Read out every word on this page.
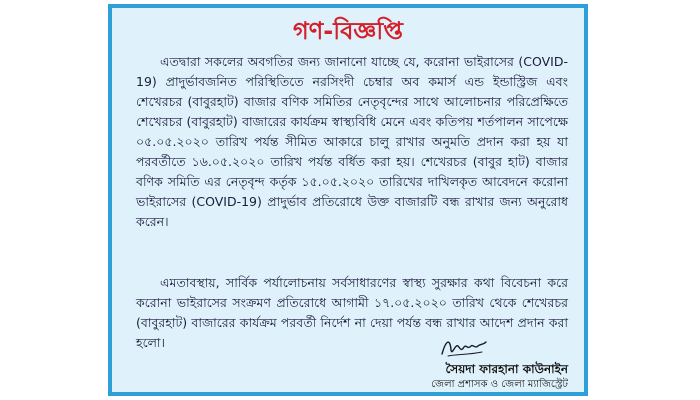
গণ-বিজ্ঞপ্তি

এতদ্বারা সকলের অবগতির জন্য জানানো যাচ্ছে যে, করোনা ভাইরাসের (COVID-19) প্রাদুর্ভাবজনিত পরিস্থিতিতে নরসিংদী চেম্বার অব কমার্স এন্ড ইন্ডাস্ট্রিজ এবং শেখেরচর (বাবুরহাট) বাজার বণিক সমিতির নেতৃবৃন্দের সাথে আলোচনার পরিপ্রেক্ষিতে শেখেরচর (বাবুরহাট) বাজারের কার্যক্রম স্বাস্থ্যবিধি মেনে এবং কতিপয় শর্তপালন সাপেক্ষে ০৫.০৫.২০২০ তারিখ পর্যন্ত সীমিত আকারে চালু রাখার অনুমতি প্রদান করা হয় যা পরবর্তীতে ১৬.০৫.২০২০ তারিখ পর্যন্ত বর্ধিত করা হয়। শেখেরচর (বাবুর হাট) বাজার বণিক সমিতি এর নেতৃবৃন্দ কর্তৃক ১৫.০৫.২০২০ তারিখের দাখিলকৃত আবেদনে করোনা ভাইরাসের (COVID-19) প্রাদুর্ভাব প্রতিরোধে উক্ত বাজারটি বন্ধ রাখার জন্য অনুরোধ করেন।

এমতাবস্থায়, সার্বিক পর্যালোচনায় সর্বসাধারণের স্বাস্থ্য সুরক্ষার কথা বিবেচনা করে করোনা ভাইরাসের সংক্রমণ প্রতিরোধে আগামী ১৭.০৫.২০২০ তারিখ থেকে শেখেরচর (বাবুরহাট) বাজারের কার্যক্রম পরবর্তী নির্দেশ না দেয়া পর্যন্ত বন্ধ রাখার আদেশ প্রদান করা হলো।

সৈয়দা ফারহানা কাউনাইন
জেলা প্রশাসক ও জেলা ম্যাজিস্ট্রেট
